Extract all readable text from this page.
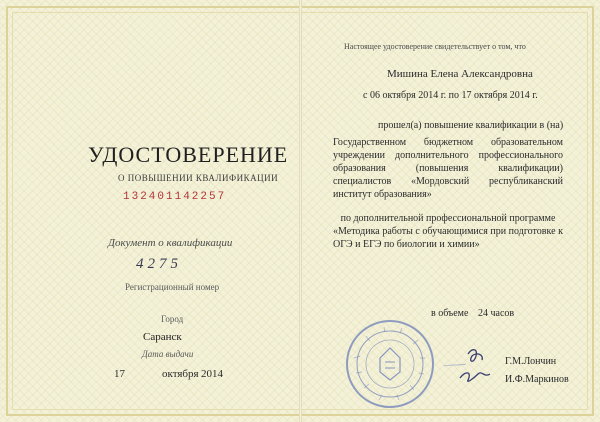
УДОСТОВЕРЕНИЕ
О ПОВЫШЕНИИ КВАЛИФИКАЦИИ
132401142257
Документ о квалификации
4275
Регистрационный номер
Город
Саранск
Дата выдачи
17	октября 2014
Настоящее удостоверение свидетельствует о том, что
Мишина Елена Александровна
с 06 октября 2014 г. по 17 октября 2014 г.
прошел(а) повышение квалификации в (на)
Государственном бюджетном образовательном учреждении дополнительного профессионального образования (повышения квалификации) специалистов «Мордовский республиканский институт образования»
по дополнительной профессиональной программе
«Методика работы с обучающимися при подготовке к ОГЭ и ЕГЭ по биологии и химии»
в объеме 24 часов
Г.М.Лончин
И.Ф.Маркинов
